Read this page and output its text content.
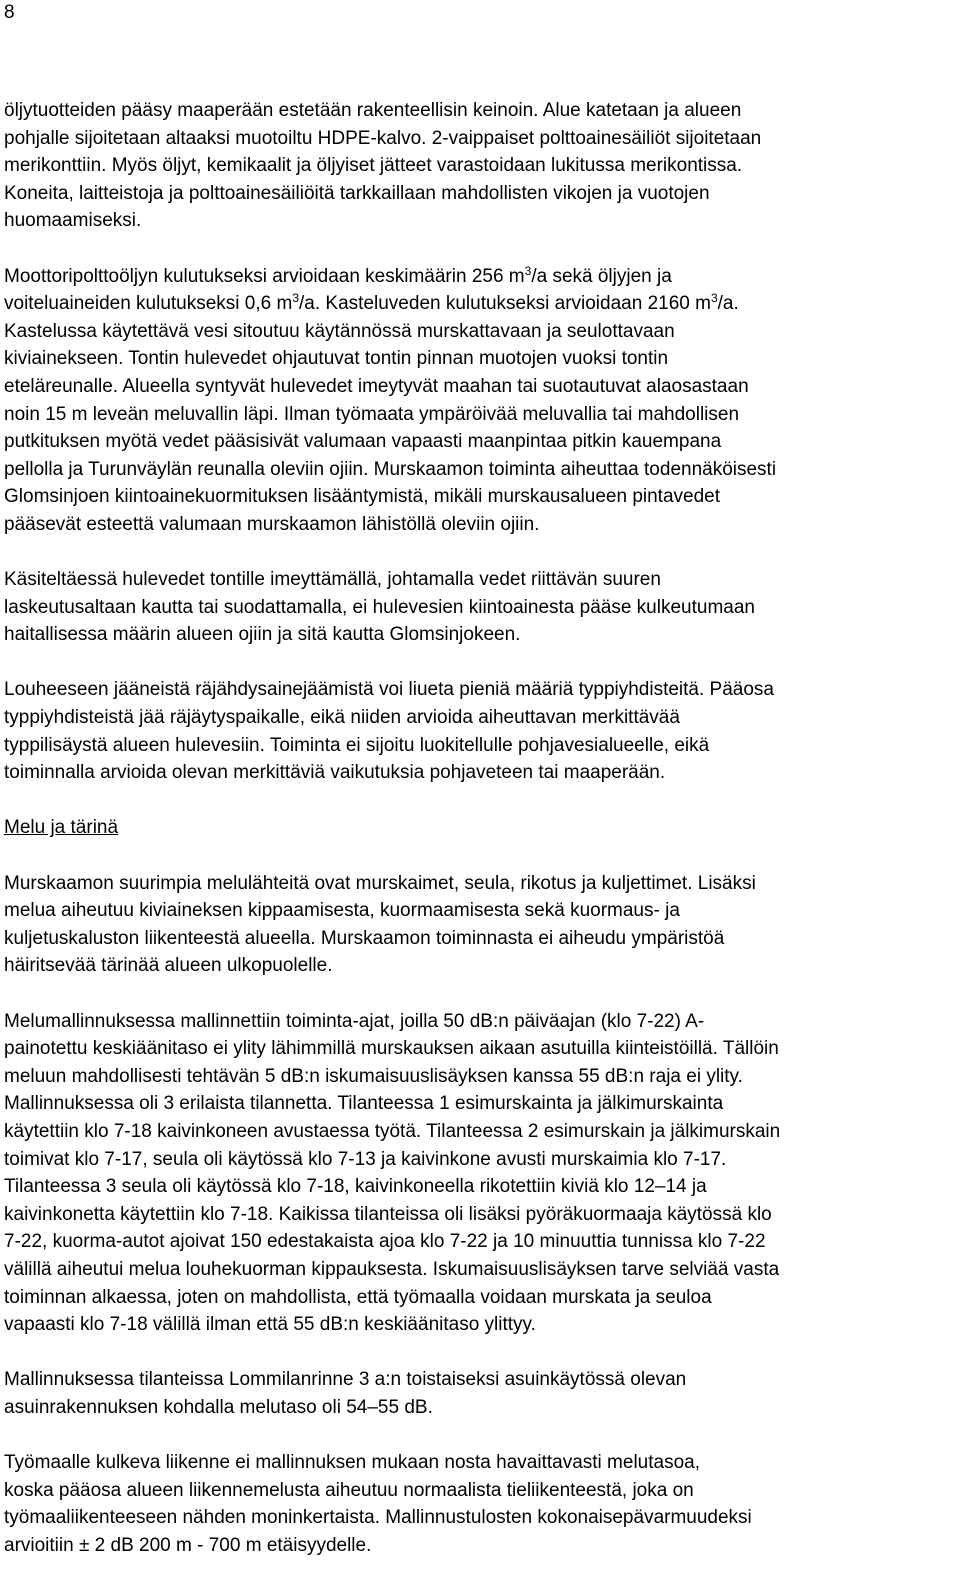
8

öljytuotteiden pääsy maaperään estetään rakenteellisin keinoin. Alue katetaan ja alueen
pohjalle sijoitetaan altaaksi muotoiltu HDPE-kalvo. 2-vaippaiset polttoainesäiliöt sijoitetaan
merikonttiin. Myös öljyt, kemikaalit ja öljyiset jätteet varastoidaan lukitussa merikontissa.
Koneita, laitteistoja ja polttoainesäiliöitä tarkkaillaan mahdollisten vikojen ja vuotojen
huomaamiseksi.

Moottoripolttoöljyn kulutukseksi arvioidaan keskimäärin 256 $m^3/a$ sekä öljyjen ja
voiteluaineiden kulutukseksi 0,6 $m^3/a$. Kasteluveden kulutukseksi arvioidaan 2160 $m^3/a$.
Kastelussa käytettävä vesi sitoutuu käytännössä murskattavaan ja seulottavaan
kiviainekseen. Tontin hulevedet ohjautuvat tontin pinnan muotojen vuoksi tontin
eteläreunalle. Alueella syntyvät hulevedet imeytyvät maahan tai suotautuvat alaosastaan
noin 15 m leveän meluvallin läpi. Ilman työmaata ympäröivää meluvallia tai mahdollisen
putkituksen myötä vedet pääsisivät valumaan vapaasti maanpintaa pitkin kauempana
pellolla ja Turunväylän reunalla oleviin ojiin. Murskaamon toiminta aiheuttaa todennäköisesti
Glomsinjoen kiintoainekuormituksen lisääntymistä, mikäli murskausalueen pintavedet
pääsevät esteettä valumaan murskaamon lähistöllä oleviin ojiin.

Käsiteltäessä hulevedet tontille imeyttämällä, johtamalla vedet riittävän suuren
laskeutusaltaan kautta tai suodattamalla, ei hulevesien kiintoainesta pääse kulkeutumaan
haitallisessa määrin alueen ojiin ja sitä kautta Glomsinjokeen.

Louheeseen jääneistä räjähdysainejäämistä voi liueta pieniä määriä typpiyhdisteitä. Pääosa
typpiyhdisteistä jää räjäytyspaikalle, eikä niiden arvioida aiheuttavan merkittävää
typpilisäystä alueen hulevesiin. Toiminta ei sijoitu luokitellulle pohjavesialueelle, eikä
toiminnalla arvioida olevan merkittäviä vaikutuksia pohjaveteen tai maaperään.

Melu ja tärinä

Murskaamon suurimpia melulähteitä ovat murskaimet, seula, rikotus ja kuljettimet. Lisäksi
melua aiheutuu kiviaineksen kippaamisesta, kuormaamisesta sekä kuormaus- ja
kuljetuskaluston liikenteestä alueella. Murskaamon toiminnasta ei aiheudu ympäristöä
häiritsevää tärinää alueen ulkopuolelle.

Melumallinnuksessa mallinnettiin toiminta-ajat, joilla 50 dB:n päiväajan (klo 7-22) A-
painotettu keskiäänitaso ei ylity lähimmillä murskauksen aikaan asutuilla kiinteistöillä. Tällöin
meluun mahdollisesti tehtävän 5 dB:n iskumaisuuslisäyksen kanssa 55 dB:n raja ei ylity.
Mallinnuksessa oli 3 erilaista tilannetta. Tilanteessa 1 esimurskainta ja jälkimurskainta
käytettiin klo 7-18 kaivinkoneen avustaessa työtä. Tilanteessa 2 esimurskain ja jälkimurskain
toimivat klo 7-17, seula oli käytössä klo 7-13 ja kaivinkone avusti murskaimia klo 7-17.
Tilanteessa 3 seula oli käytössä klo 7-18, kaivinkoneella rikotettiin kiviä klo 12–14 ja
kaivinkonetta käytettiin klo 7-18. Kaikissa tilanteissa oli lisäksi pyöräkuormaaja käytössä klo
7-22, kuorma-autot ajoivat 150 edestakaista ajoa klo 7-22 ja 10 minuuttia tunnissa klo 7-22
välillä aiheutui melua louhekuorman kippauksesta. Iskumaisuuslisäyksen tarve selviää vasta
toiminnan alkaessa, joten on mahdollista, että työmaalla voidaan murskata ja seuloa
vapaasti klo 7-18 välillä ilman että 55 dB:n keskiäänitaso ylittyy.

Mallinnuksessa tilanteissa Lommilanrinne 3 a:n toistaiseksi asuinkäytössä olevan
asuinrakennuksen kohdalla melutaso oli 54–55 dB.

Työmaalle kulkeva liikenne ei mallinnuksen mukaan nosta havaittavasti melutasoa,
koska pääosa alueen liikennemelusta aiheutuu normaalista tieliikenteestä, joka on
työmaaliikenteeseen nähden moninkertaista. Mallinnustulosten kokonaisepävarmuudeksi
arvioitiin ± 2 dB 200 m - 700 m etäisyydelle.
